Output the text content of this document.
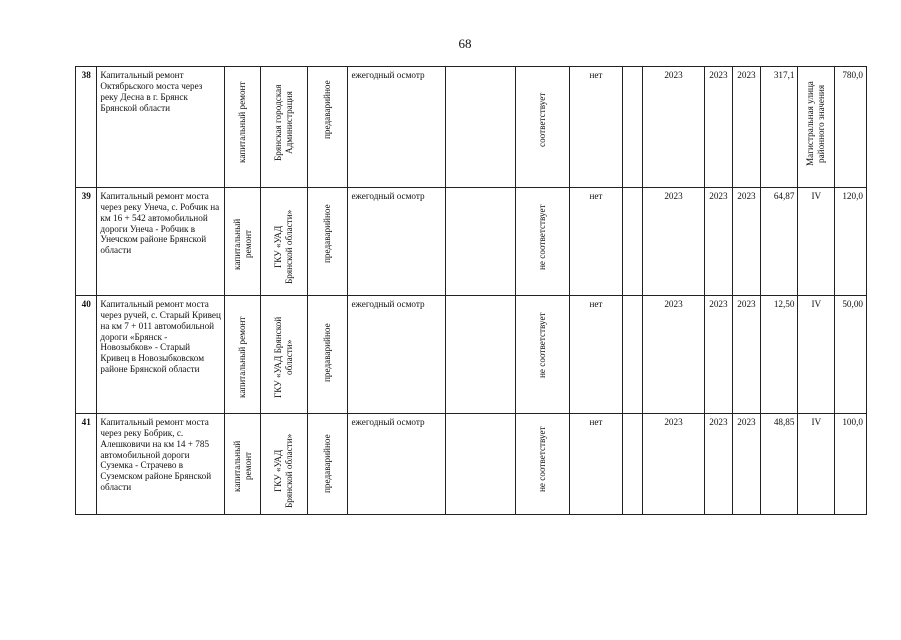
68
38	Капитальный ремонт Октябрьского моста через реку Десна в г. Брянск Брянской области	капитальный ремонт	Брянская городская Администрация	предаварийное	ежегодный осмотр		соответствует	нет		2023	2023	2023	317,1	Магистральная улица районного значения	780,0
39	Капитальный ремонт моста через реку Унеча, с. Робчик на км 16 + 542 автомобильной дороги Унеча - Робчик в Унечском районе Брянской области	капитальный ремонт	ГКУ «УАД Брянской области»	предаварийное	ежегодный осмотр		не соответствует	нет		2023	2023	2023	64,87	IV	120,0
40	Капитальный ремонт моста через ручей, с. Старый Кривец на км 7 + 011 автомобильной дороги «Брянск - Новозыбков» - Старый Кривец в Новозыбковском районе Брянской области	капитальный ремонт	ГКУ «УАД Брянской области»	предаварийное	ежегодный осмотр		не соответствует	нет		2023	2023	2023	12,50	IV	50,00
41	Капитальный ремонт моста через реку Бобрик, с. Алешковичи на км 14 + 785 автомобильной дороги Суземка - Страчево в Суземском районе Брянской области	капитальный ремонт	ГКУ «УАД Брянской области»	предаварийное	ежегодный осмотр		не соответствует	нет		2023	2023	2023	48,85	IV	100,0
